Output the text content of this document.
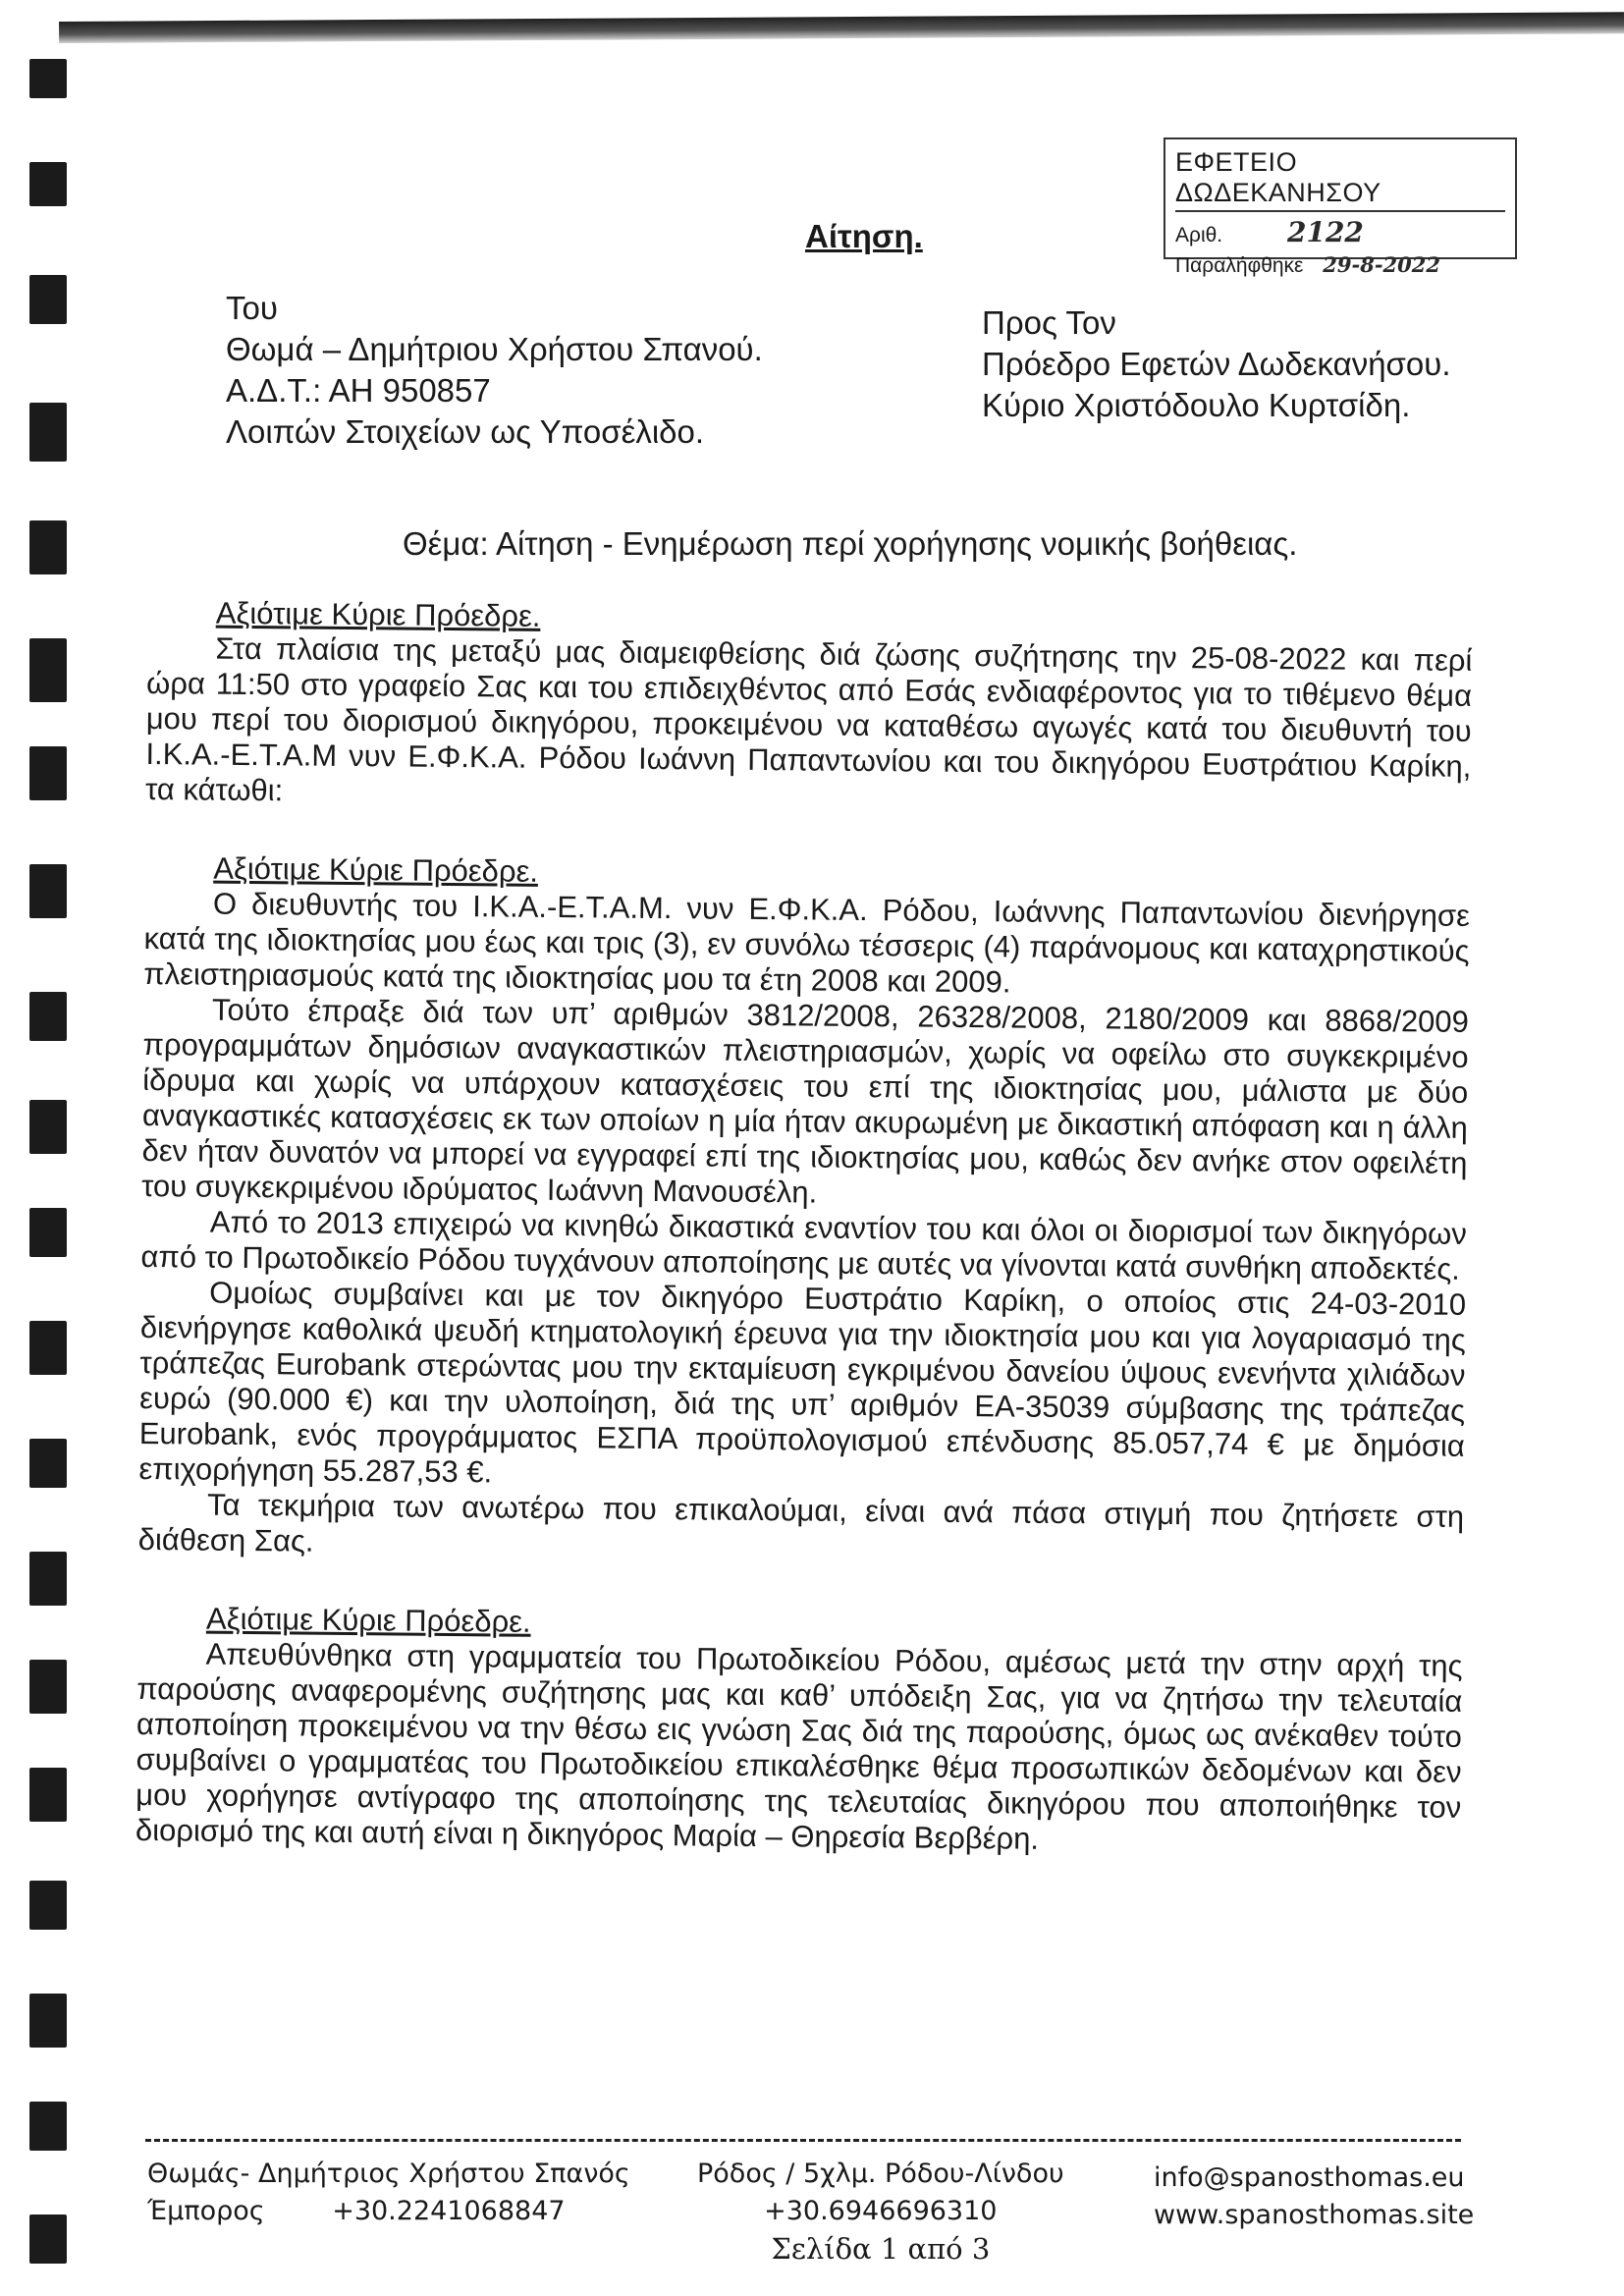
ΕΦΕΤΕΙΟ ΔΩΔΕΚΑΝΗΣΟΥ
Αριθ. 2122
Παραλήφθηκε 29-8-2022
Αίτηση.
Του
Θωμά – Δημήτριου Χρήστου Σπανού.
Α.Δ.Τ.: ΑΗ 950857
Λοιπών Στοιχείων ως Υποσέλιδο.
Προς Τον
Πρόεδρο Εφετών Δωδεκανήσου.
Κύριο Χριστόδουλο Κυρτσίδη.
Θέμα: Αίτηση - Ενημέρωση περί χορήγησης νομικής βοήθειας.

Αξιότιμε Κύριε Πρόεδρε.

Στα πλαίσια της μεταξύ μας διαμειφθείσης διά ζώσης συζήτησης την 25-08-2022 και περί ώρα 11:50 στο γραφείο Σας και του επιδειχθέντος από Εσάς ενδιαφέροντος για το τιθέμενο θέμα μου περί του διορισμού δικηγόρου, προκειμένου να καταθέσω αγωγές κατά του διευθυντή του Ι.Κ.Α.-Ε.Τ.Α.Μ νυν Ε.Φ.Κ.Α. Ρόδου Ιωάννη Παπαντωνίου και του δικηγόρου Ευστράτιου Καρίκη, τα κάτωθι:

Αξιότιμε Κύριε Πρόεδρε.

Ο διευθυντής του Ι.Κ.Α.-Ε.Τ.Α.Μ. νυν Ε.Φ.Κ.Α. Ρόδου, Ιωάννης Παπαντωνίου διενήργησε κατά της ιδιοκτησίας μου έως και τρις (3), εν συνόλω τέσσερις (4) παράνομους και καταχρηστικούς πλειστηριασμούς κατά της ιδιοκτησίας μου τα έτη 2008 και 2009.

Τούτο έπραξε διά των υπ’ αριθμών 3812/2008, 26328/2008, 2180/2009 και 8868/2009 προγραμμάτων δημόσιων αναγκαστικών πλειστηριασμών, χωρίς να οφείλω στο συγκεκριμένο ίδρυμα και χωρίς να υπάρχουν κατασχέσεις του επί της ιδιοκτησίας μου, μάλιστα με δύο αναγκαστικές κατασχέσεις εκ των οποίων η μία ήταν ακυρωμένη με δικαστική απόφαση και η άλλη δεν ήταν δυνατόν να μπορεί να εγγραφεί επί της ιδιοκτησίας μου, καθώς δεν ανήκε στον οφειλέτη του συγκεκριμένου ιδρύματος Ιωάννη Μανουσέλη.

Από το 2013 επιχειρώ να κινηθώ δικαστικά εναντίον του και όλοι οι διορισμοί των δικηγόρων από το Πρωτοδικείο Ρόδου τυγχάνουν αποποίησης με αυτές να γίνονται κατά συνθήκη αποδεκτές.

Ομοίως συμβαίνει και με τον δικηγόρο Ευστράτιο Καρίκη, ο οποίος στις 24-03-2010 διενήργησε καθολικά ψευδή κτηματολογική έρευνα για την ιδιοκτησία μου και για λογαριασμό της τράπεζας Eurobank στερώντας μου την εκταμίευση εγκριμένου δανείου ύψους ενενήντα χιλιάδων ευρώ (90.000 €) και την υλοποίηση, διά της υπ’ αριθμόν ΕΑ-35039 σύμβασης της τράπεζας Eurobank, ενός προγράμματος ΕΣΠΑ προϋπολογισμού επένδυσης 85.057,74 € με δημόσια επιχορήγηση 55.287,53 €.

Τα τεκμήρια των ανωτέρω που επικαλούμαι, είναι ανά πάσα στιγμή που ζητήσετε στη διάθεση Σας.

Αξιότιμε Κύριε Πρόεδρε.

Απευθύνθηκα στη γραμματεία του Πρωτοδικείου Ρόδου, αμέσως μετά την στην αρχή της παρούσης αναφερομένης συζήτησης μας και καθ’ υπόδειξη Σας, για να ζητήσω την τελευταία αποποίηση προκειμένου να την θέσω εις γνώση Σας διά της παρούσης, όμως ως ανέκαθεν τούτο συμβαίνει ο γραμματέας του Πρωτοδικείου επικαλέσθηκε θέμα προσωπικών δεδομένων και δεν μου χορήγησε αντίγραφο της αποποίησης της τελευταίας δικηγόρου που αποποιήθηκε τον διορισμό της και αυτή είναι η δικηγόρος Μαρία – Θηρεσία Βερβέρη.

Θωμάς- Δημήτριος Χρήστου Σπανός
Έμπορος	+30.2241068847
Ρόδος / 5χλμ. Ρόδου-Λίνδου
+30.6946696310
Σελίδα 1 από 3
info@spanosthomas.eu
www.spanosthomas.site
